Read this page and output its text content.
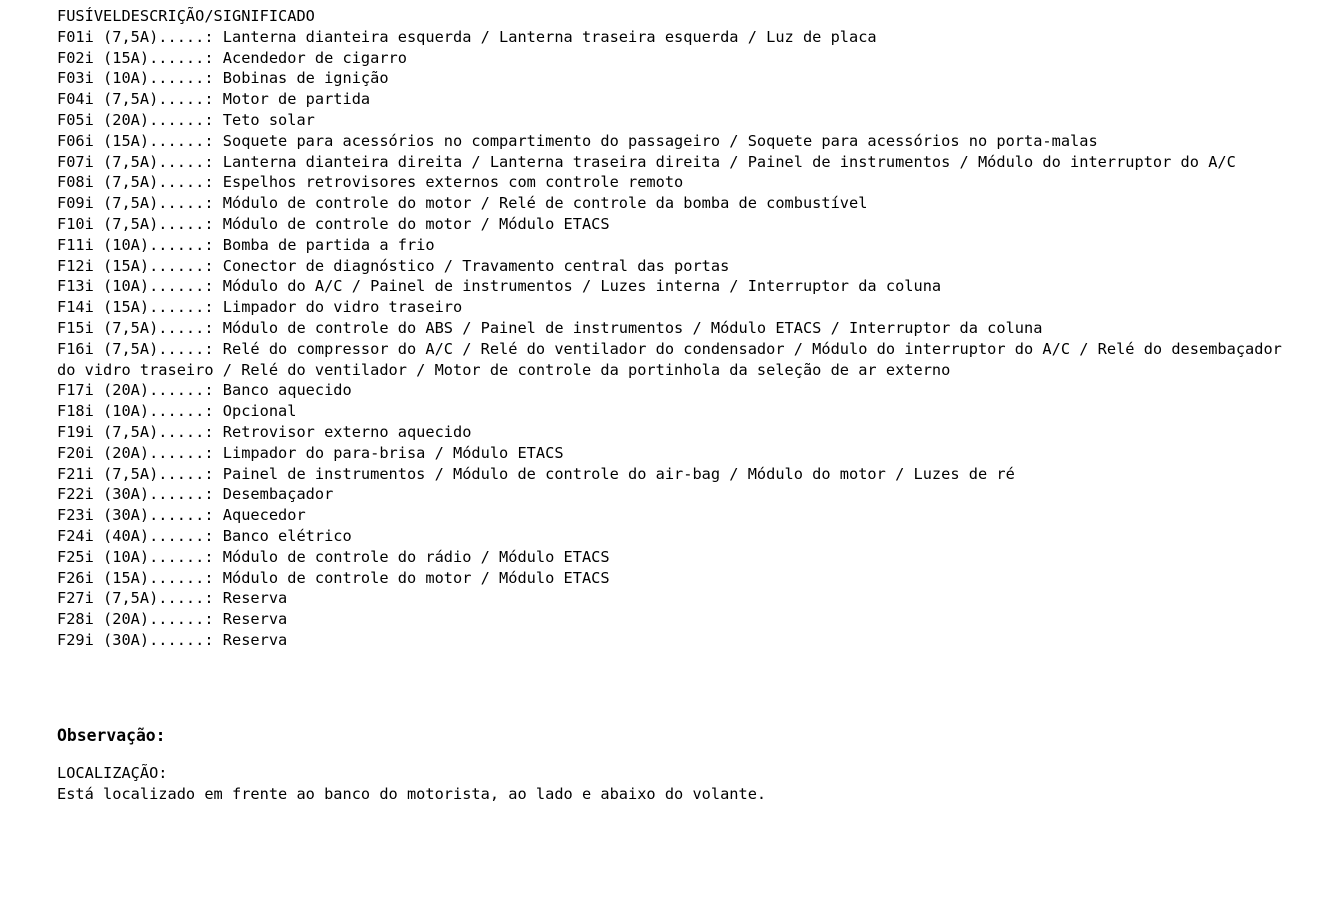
FUSÍVELDESCRIÇÃO/SIGNIFICADO
F01i (7,5A).....: Lanterna dianteira esquerda / Lanterna traseira esquerda / Luz de placa
F02i (15A)......: Acendedor de cigarro
F03i (10A)......: Bobinas de ignição
F04i (7,5A).....: Motor de partida
F05i (20A)......: Teto solar
F06i (15A)......: Soquete para acessórios no compartimento do passageiro / Soquete para acessórios no porta-malas
F07i (7,5A).....: Lanterna dianteira direita / Lanterna traseira direita / Painel de instrumentos / Módulo do interruptor do A/C
F08i (7,5A).....: Espelhos retrovisores externos com controle remoto
F09i (7,5A).....: Módulo de controle do motor / Relé de controle da bomba de combustível
F10i (7,5A).....: Módulo de controle do motor / Módulo ETACS
F11i (10A)......: Bomba de partida a frio
F12i (15A)......: Conector de diagnóstico / Travamento central das portas
F13i (10A)......: Módulo do A/C / Painel de instrumentos / Luzes interna / Interruptor da coluna
F14i (15A)......: Limpador do vidro traseiro
F15i (7,5A).....: Módulo de controle do ABS / Painel de instrumentos / Módulo ETACS / Interruptor da coluna
F16i (7,5A).....: Relé do compressor do A/C / Relé do ventilador do condensador / Módulo do interruptor do A/C / Relé do desembaçador
do vidro traseiro / Relé do ventilador / Motor de controle da portinhola da seleção de ar externo
F17i (20A)......: Banco aquecido
F18i (10A)......: Opcional
F19i (7,5A).....: Retrovisor externo aquecido
F20i (20A)......: Limpador do para-brisa / Módulo ETACS
F21i (7,5A).....: Painel de instrumentos / Módulo de controle do air-bag / Módulo do motor / Luzes de ré
F22i (30A)......: Desembaçador
F23i (30A)......: Aquecedor
F24i (40A)......: Banco elétrico
F25i (10A)......: Módulo de controle do rádio / Módulo ETACS
F26i (15A)......: Módulo de controle do motor / Módulo ETACS
F27i (7,5A).....: Reserva
F28i (20A)......: Reserva
F29i (30A)......: Reserva
Observação:
LOCALIZAÇÃO:
Está localizado em frente ao banco do motorista, ao lado e abaixo do volante.
